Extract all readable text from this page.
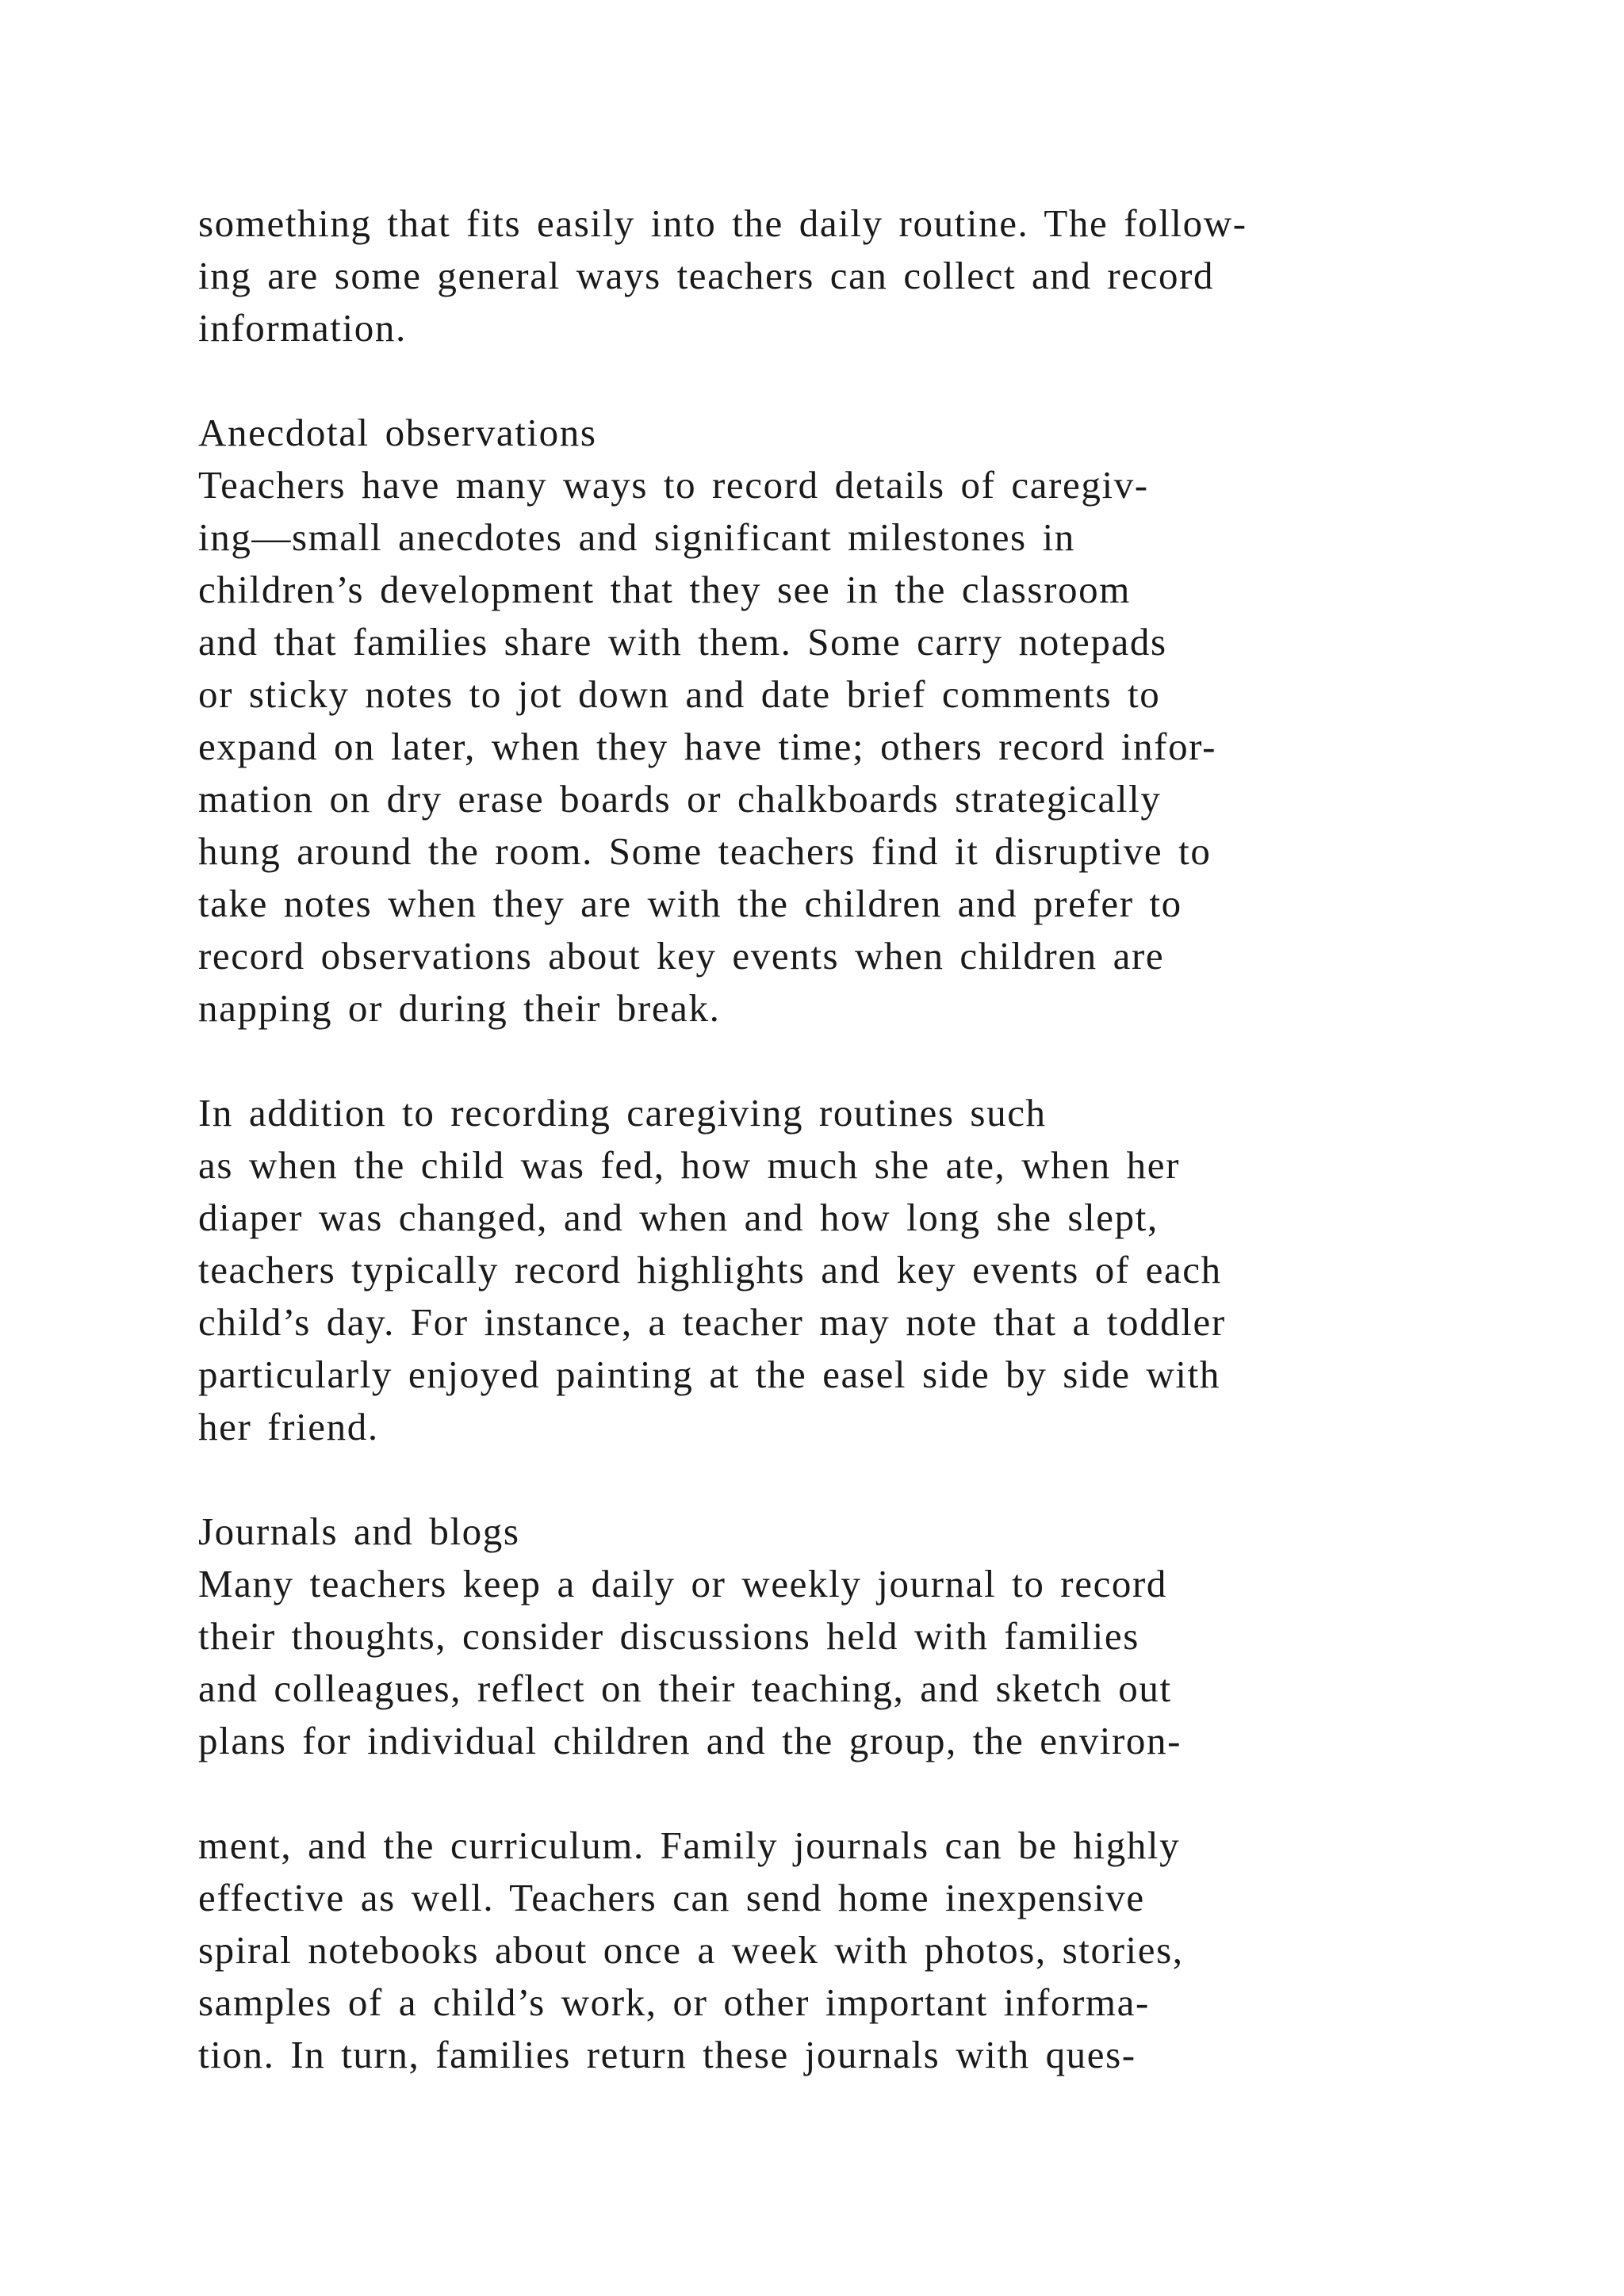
something that fits easily into the daily routine. The follow-
ing are some general ways teachers can collect and record
information.
Anecdotal observations
Teachers have many ways to record details of caregiv-
ing—small anecdotes and significant milestones in
children’s development that they see in the classroom
and that families share with them. Some carry notepads
or sticky notes to jot down and date brief comments to
expand on later, when they have time; others record infor-
mation on dry erase boards or chalkboards strategically
hung around the room. Some teachers find it disruptive to
take notes when they are with the children and prefer to
record observations about key events when children are
napping or during their break.
In addition to recording caregiving routines such
as when the child was fed, how much she ate, when her
diaper was changed, and when and how long she slept,
teachers typically record highlights and key events of each
child’s day. For instance, a teacher may note that a toddler
particularly enjoyed painting at the easel side by side with
her friend.
Journals and blogs
Many teachers keep a daily or weekly journal to record
their thoughts, consider discussions held with families
and colleagues, reflect on their teaching, and sketch out
plans for individual children and the group, the environ-
ment, and the curriculum. Family journals can be highly
effective as well. Teachers can send home inexpensive
spiral notebooks about once a week with photos, stories,
samples of a child’s work, or other important informa-
tion. In turn, families return these journals with ques-
